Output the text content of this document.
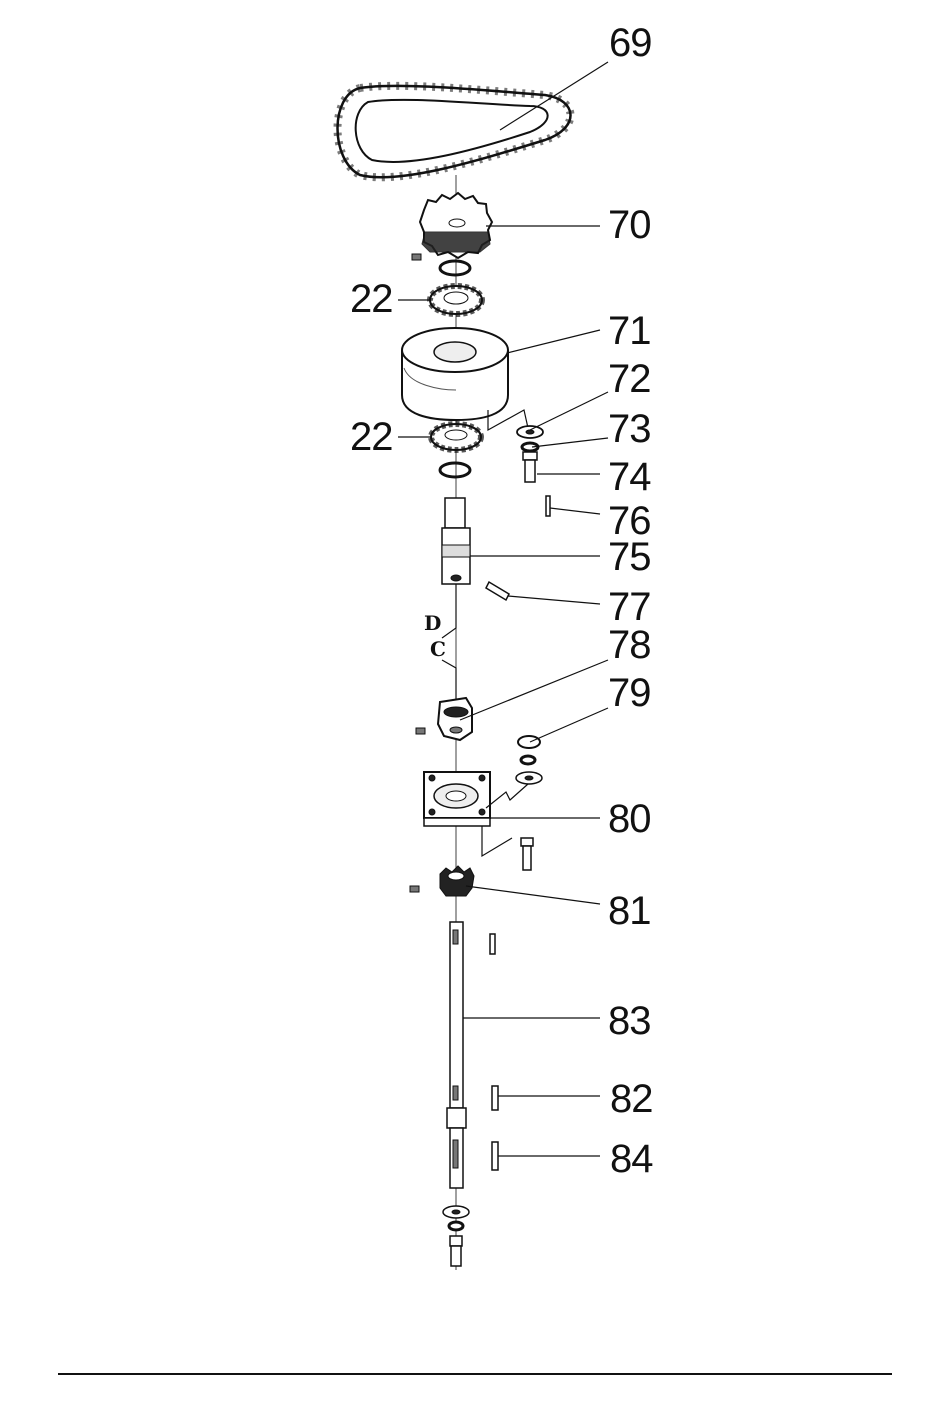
69
70
22
71
72
73
22
74
76
75
77
78
79
80
81
83
82
84
D
C
